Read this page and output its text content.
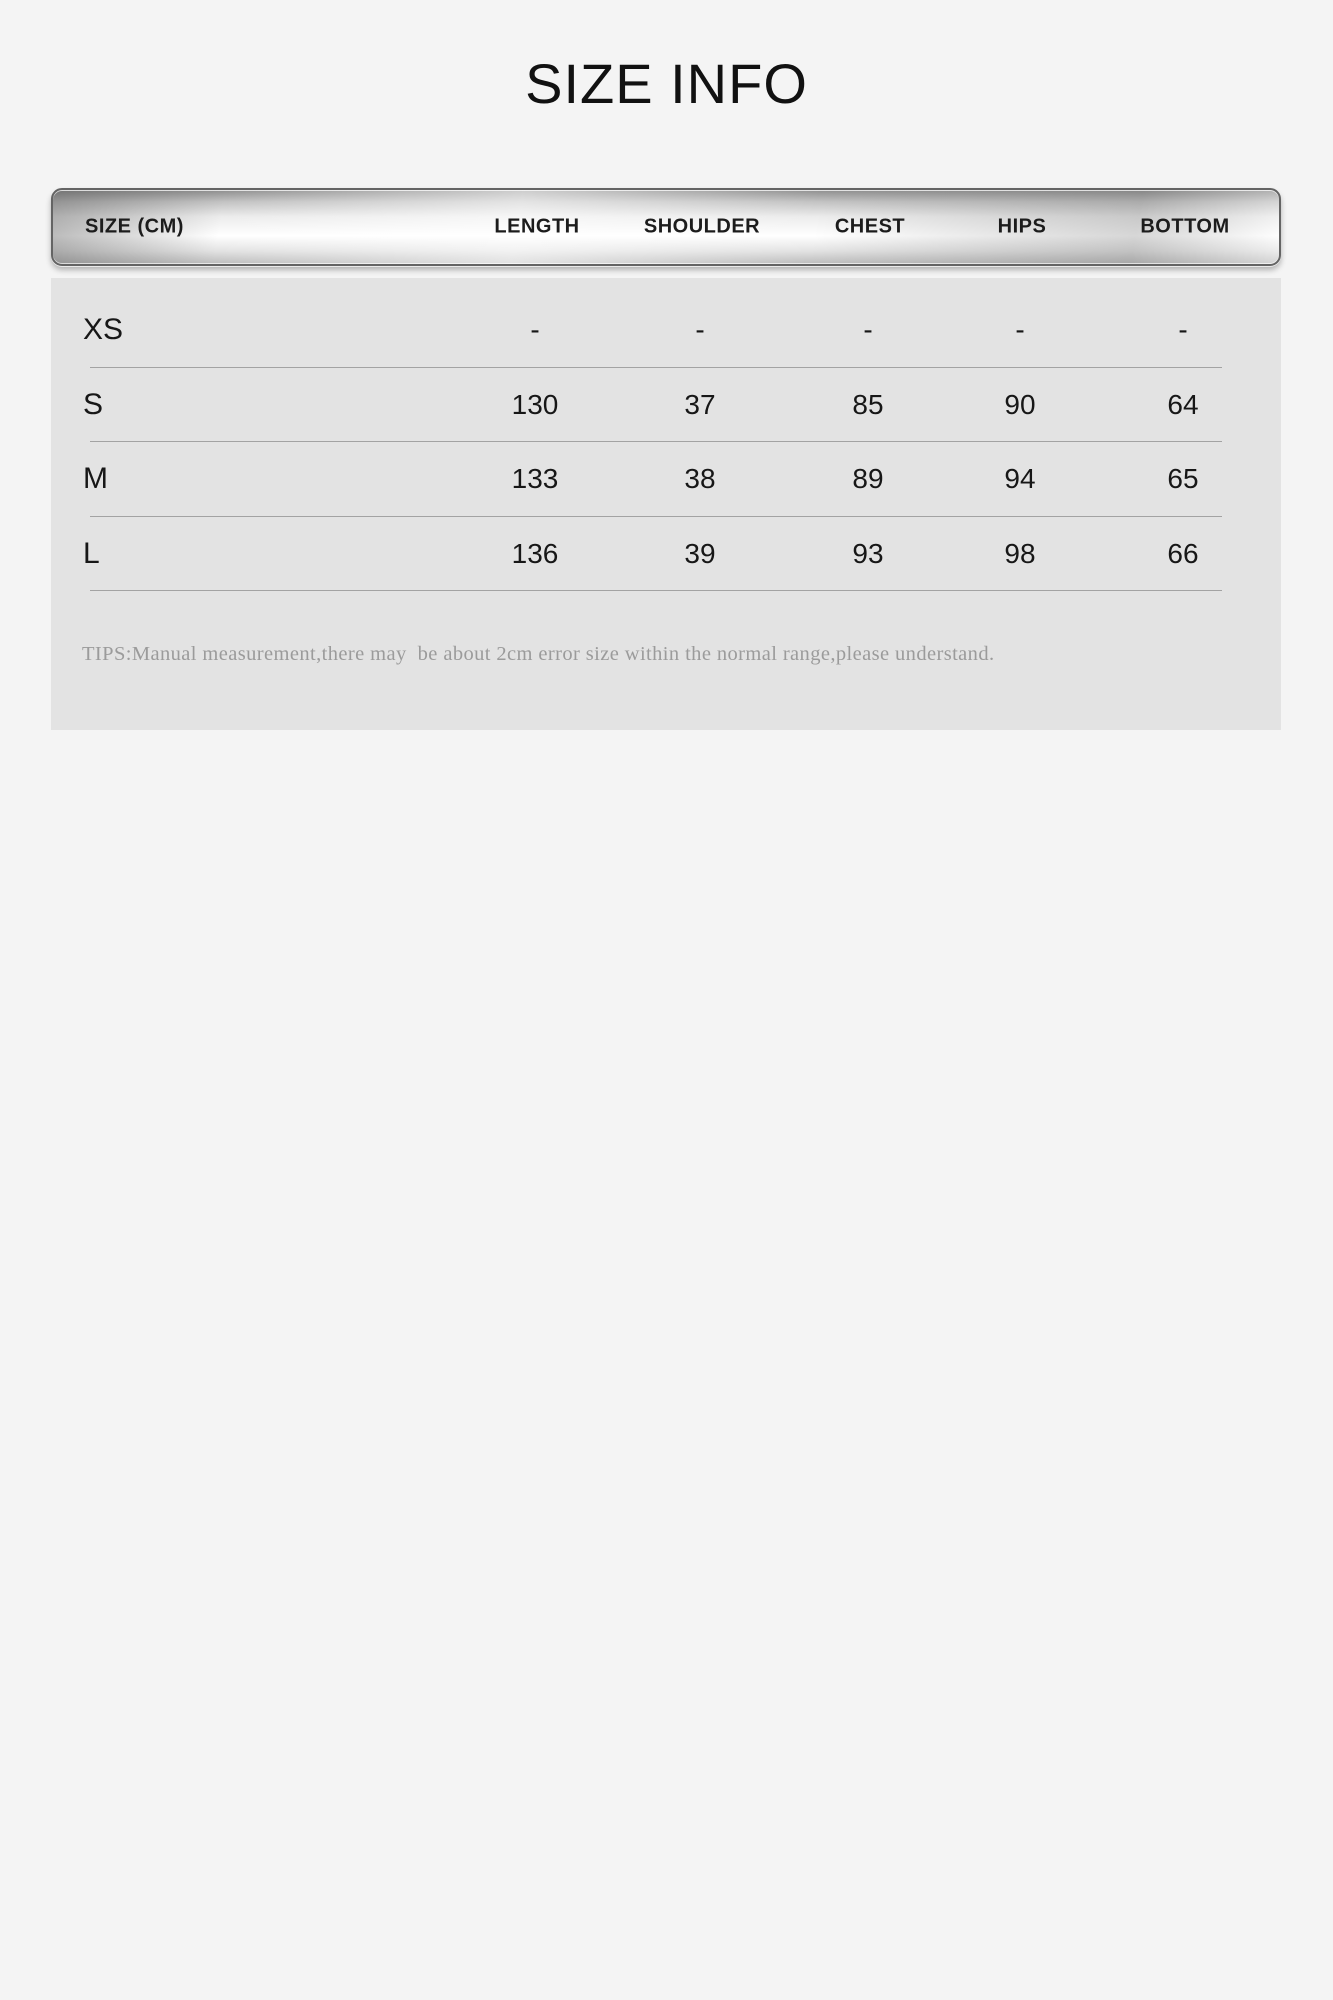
SIZE INFO
SIZE (CM)	LENGTH	SHOULDER	CHEST	HIPS	BOTTOM
XS	-	-	-	-	-
S	130	37	85	90	64
M	133	38	89	94	65
L	136	39	93	98	66
TIPS:Manual measurement,there may  be about 2cm error size within the normal range,please understand.
